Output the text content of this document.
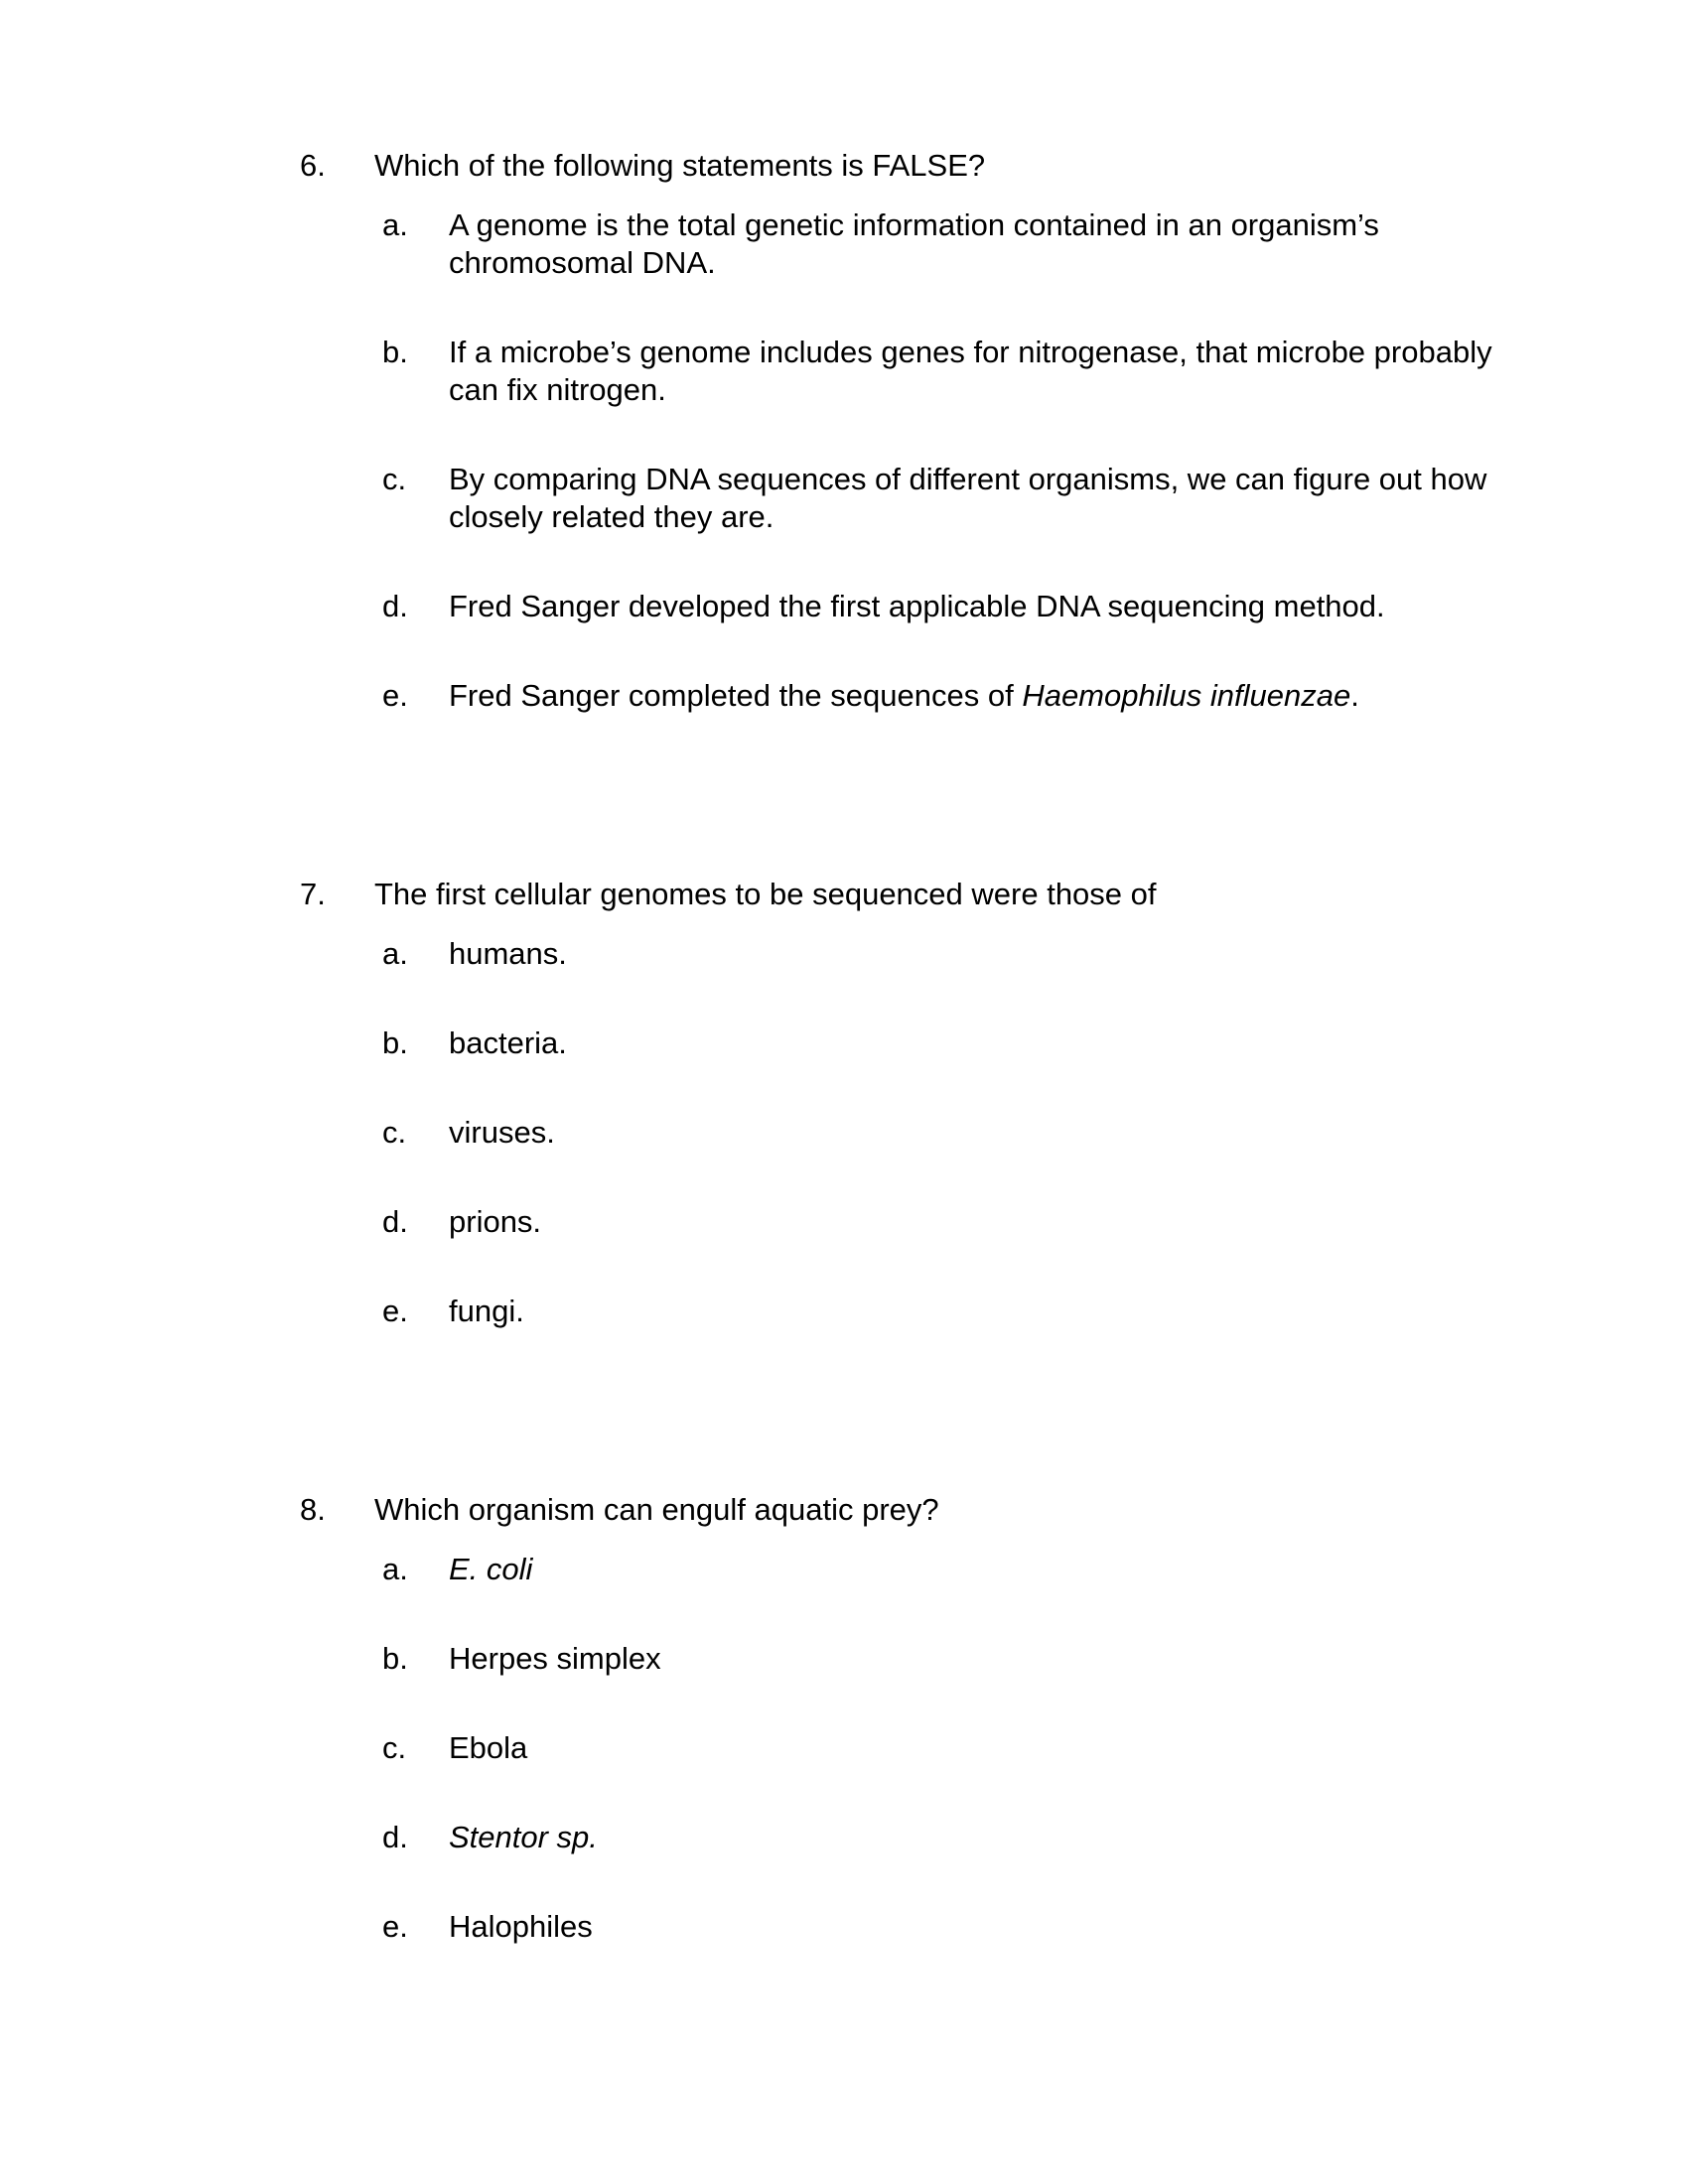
6.	Which of the following statements is FALSE?
a.	A genome is the total genetic information contained in an organism’s
chromosomal DNA.
b.	If a microbe’s genome includes genes for nitrogenase, that microbe probably
can fix nitrogen.
c.	By comparing DNA sequences of different organisms, we can figure out how
closely related they are.
d.	Fred Sanger developed the first applicable DNA sequencing method.
e.	Fred Sanger completed the sequences of Haemophilus influenzae.
7.	The first cellular genomes to be sequenced were those of
a.	humans.
b.	bacteria.
c.	viruses.
d.	prions.
e.	fungi.
8.	Which organism can engulf aquatic prey?
a.	E. coli
b.	Herpes simplex
c.	Ebola
d.	Stentor sp.
e.	Halophiles
